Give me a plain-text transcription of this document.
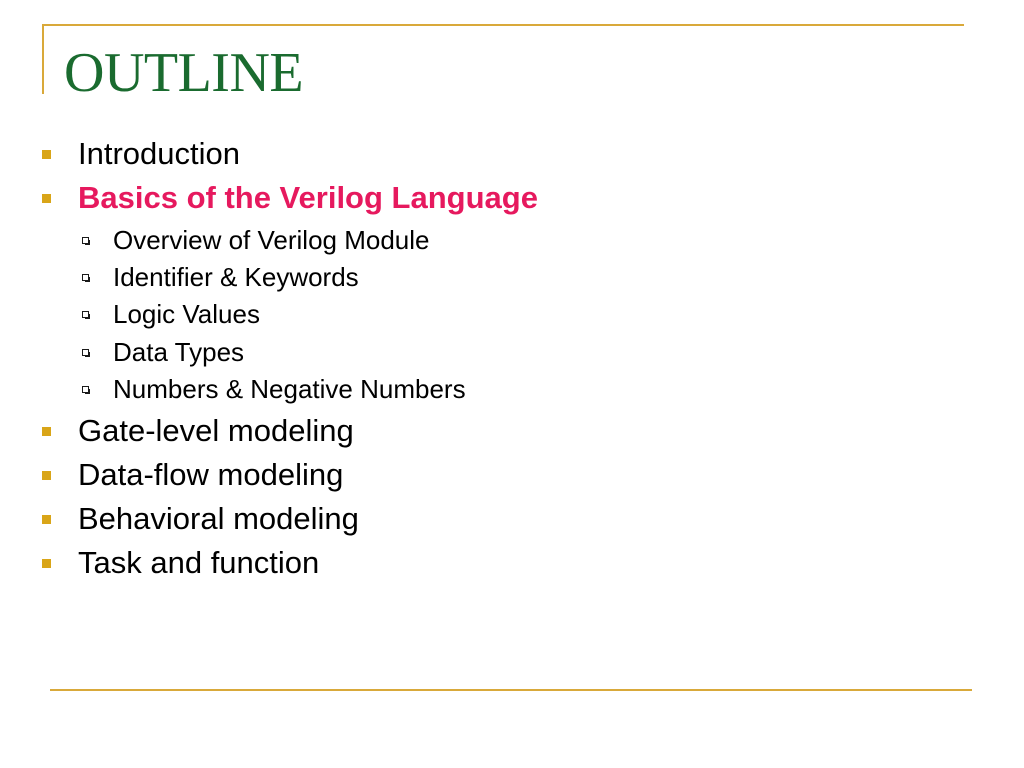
OUTLINE
Introduction
Basics of the Verilog Language
Overview of Verilog Module
Identifier & Keywords
Logic Values
Data Types
Numbers & Negative Numbers
Gate-level modeling
Data-flow modeling
Behavioral modeling
Task and function
